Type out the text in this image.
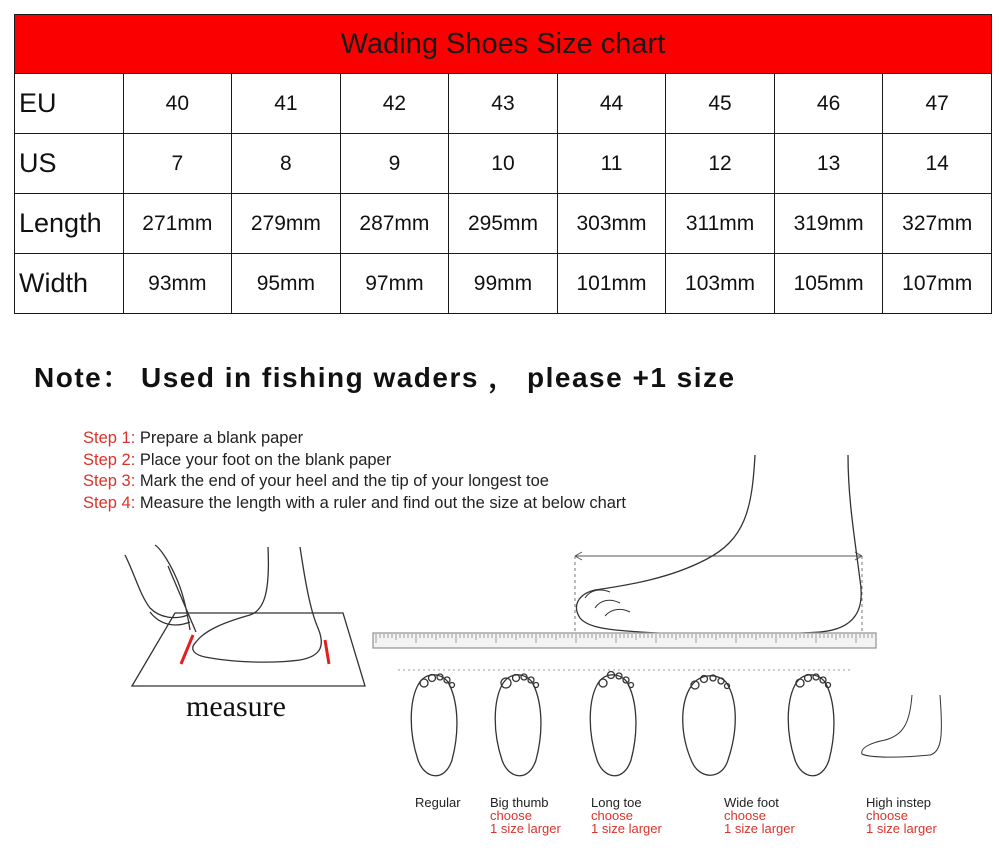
Wading Shoes Size chart								
EU	40	41	42	43	44	45	46	47
US	7	8	9	10	11	12	13	14
Length	271mm	279mm	287mm	295mm	303mm	311mm	319mm	327mm
Width	93mm	95mm	97mm	99mm	101mm	103mm	105mm	107mm
Note： Used in fishing waders ， please +1 size
Step 1: Prepare a blank paper
Step 2: Place your foot on the blank paper
Step 3: Mark the end of your heel and the tip of your longest toe
Step 4: Measure the length with a ruler and find out the size at below chart
measure
Regular Big thumb
choose
1 size larger
Long toe
choose
1 size larger
Wide foot
choose
1 size larger
High instep
choose
1 size larger
